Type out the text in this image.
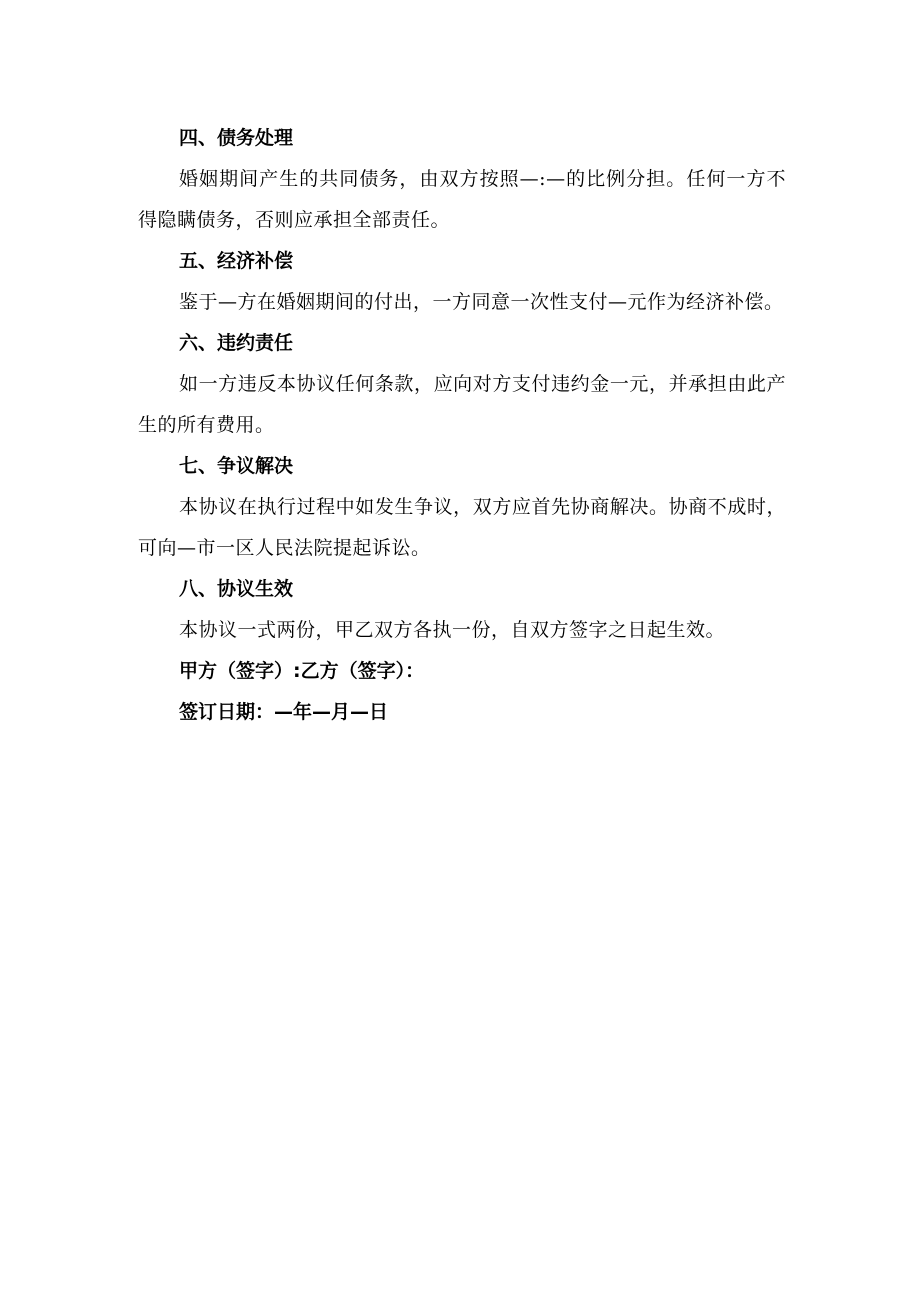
四、债务处理
婚姻期间产生的共同债务，由双方按照—:—的比例分担。任何一方不得隐瞒债务，否则应承担全部责任。
五、经济补偿
鉴于—方在婚姻期间的付出，一方同意一次性支付—元作为经济补偿。
六、违约责任
如一方违反本协议任何条款，应向对方支付违约金一元，并承担由此产生的所有费用。
七、争议解决
本协议在执行过程中如发生争议，双方应首先协商解决。协商不成时，可向—市一区人民法院提起诉讼。
八、协议生效
本协议一式两份，甲乙双方各执一份，自双方签字之日起生效。
甲方（签字）:乙方（签字）：
签订日期：—年—月—日
